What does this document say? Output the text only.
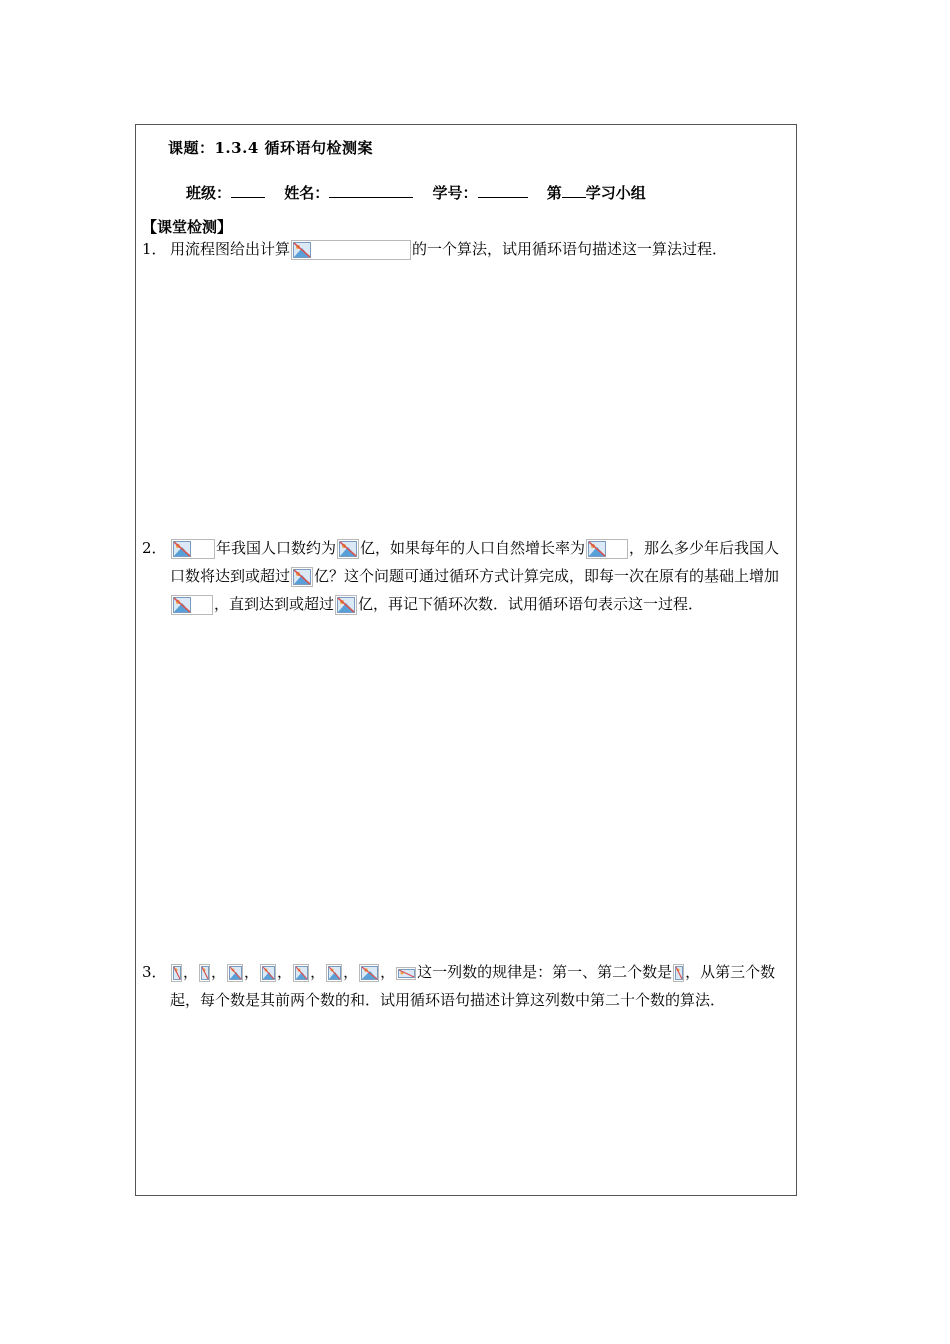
课题：1.3.4 循环语句检测案
班级：	姓名：	学号：	第 学习小组
【课堂检测】
1． 用流程图给出计算	的一个算法，试用循环语句描述这一算法过程．
2．	年我国人口数约为 亿，如果每年的人口自然增长率为	，那么多少年后我国人口数将达到或超过 亿？这个问题可通过循环方式计算完成，即每一次在原有的基础上增加
，直到达到或超过 亿，再记下循环次数．试用循环语句表示这一过程．
3．	， ， ， ， ， ， ， 这一列数的规律是：第一、第二个数是 ，从第三个数起，每个数是其前两个数的和．试用循环语句描述计算这列数中第二十个数的算法．
